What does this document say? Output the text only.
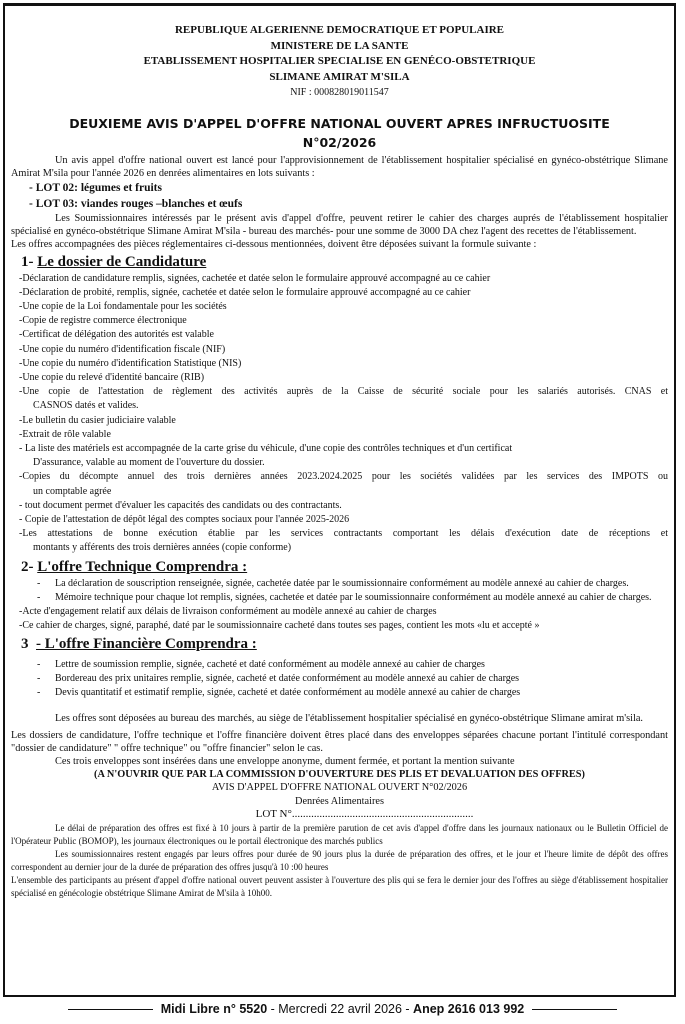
REPUBLIQUE ALGERIENNE DEMOCRATIQUE ET POPULAIRE
MINISTERE DE LA SANTE
ETABLISSEMENT HOSPITALIER SPECIALISE EN GENÉCO-OBSTETRIQUE
SLIMANE AMIRAT M'SILA
NIF : 000828019011547
DEUXIEME AVIS D'APPEL D'OFFRE NATIONAL OUVERT APRES INFRUCTUOSITE
N°02/2026

Un avis appel d'offre national ouvert est lancé pour l'approvisionnement de l'établissement hospitalier spécialisé en gynéco-obstétrique Slimane Amirat M'sila pour l'année 2026 en denrées alimentaires en lots suivants :

- LOT 02: légumes et fruits
- LOT 03: viandes rouges –blanches et œufs

Les Soumissionnaires intéressés par le présent avis d'appel d'offre, peuvent retirer le cahier des charges auprés de l'établissement hospitalier spécialisé en gynéco-obstétrique Slimane Amirat M'sila - bureau des marchés- pour une somme de 3000 DA chez l'agent des recettes de l'établissement.

Les offres accompagnées des pièces réglementaires ci-dessous mentionnées, doivent être déposées suivant la formule suivante :

1- Le dossier de Candidature
-Déclaration de candidature remplis, signées, cachetée et datée selon le formulaire approuvé accompagné au ce cahier
-Déclaration de probité, remplis, signée, cachetée et datée selon le formulaire approuvé accompagné au ce cahier
-Une copie de la Loi fondamentale pour les sociétés
-Copie de registre commerce électronique
-Certificat de délégation des autorités est valable
-Une copie du numéro d'identification fiscale (NIF)
-Une copie du numéro d'identification Statistique (NIS)
-Une copie du relevé d'identité bancaire (RIB)
-Une copie de l'attestation de règlement des activités auprès de la Caisse de sécurité sociale pour les salariés autorisés. CNAS et
CASNOS datés et valides.
-Le bulletin du casier judiciaire valable
-Extrait de rôle valable
- La liste des matériels est accompagnée de la carte grise du véhicule, d'une copie des contrôles techniques et d'un certificat
D'assurance, valable au moment de l'ouverture du dossier.
-Copies du décompte annuel des trois dernières années 2023.2024.2025 pour les sociétés validées par les services des IMPOTS ou
un comptable agrée
- tout document permet d'évaluer les capacités des candidats ou des contractants.
- Copie de l'attestation de dépôt légal des comptes sociaux pour l'année 2025-2026
-Les attestations de bonne exécution établie par les services contractants comportant les délais d'exécution date de réceptions et
montants y afférents des trois dernières années (copie conforme)
2- L'offre Technique Comprendra :
- La déclaration de souscription renseignée, signée, cachetée datée par le soumissionnaire conformément au modèle annexé au cahier de charges.
- Mémoire technique pour chaque lot remplis, signées, cachetée et datée par le soumissionnaire conformément au modèle annexé au cahier de charges.
-Acte d'engagement relatif aux délais de livraison conformément au modèle annexé au cahier de charges
-Ce cahier de charges, signé, paraphé, daté par le soumissionnaire cacheté dans toutes ses pages, contient les mots «lu et accepté »
3 - L'offre Financière Comprendra :
- Lettre de soumission remplie, signée, cacheté et daté conformément au modèle annexé au cahier de charges
- Bordereau des prix unitaires remplie, signée, cacheté et datée conformément au modèle annexé au cahier de charges
- Devis quantitatif et estimatif remplie, signée, cacheté et datée conformément au modèle annexé au cahier de charges

Les offres sont déposées au bureau des marchés, au siège de l'établissement hospitalier spécialisé en gynéco-obstétrique Slimane amirat m'sila.

Les dossiers de candidature, l'offre technique et l'offre financière doivent êtres placé dans des enveloppes séparées chacune portant l'intitulé correspondant "dossier de candidature" " offre technique" ou "offre financier" selon le cas.

Ces trois enveloppes sont insérées dans une enveloppe anonyme, dument fermée, et portant la mention suivante

(A N'OUVRIR QUE PAR LA COMMISSION D'OUVERTURE DES PLIS ET DEVALUATION DES OFFRES)
AVIS D'APPEL D'OFFRE NATIONAL OUVERT N°02/2026
Denrées Alimentaires
LOT N°..................................................................

Le délai de préparation des offres est fixé à 10 jours à partir de la première parution de cet avis d'appel d'offre dans les journaux nationaux ou le Bulletin Officiel de l'Opérateur Public (BOMOP), les journaux électroniques ou le portail électronique des marchés publics

Les soumissionnaires restent engagés par leurs offres pour durée de 90 jours plus la durée de préparation des offres, et le jour et l'heure limite de dépôt des offres correspondent au dernier jour de la durée de préparation des offres jusqu'à 10 :00 heures

L'ensemble des participants au présent d'appel d'offre national ouvert peuvent assister à l'ouverture des plis qui se fera le dernier jour des l'offres au siège d'établissement hospitalier spécialisé en génécologie obstétrique Slimane Amirat de M'sila à 10h00.

Midi Libre n° 5520 - Mercredi 22 avril 2026 - Anep 2616 013 992
